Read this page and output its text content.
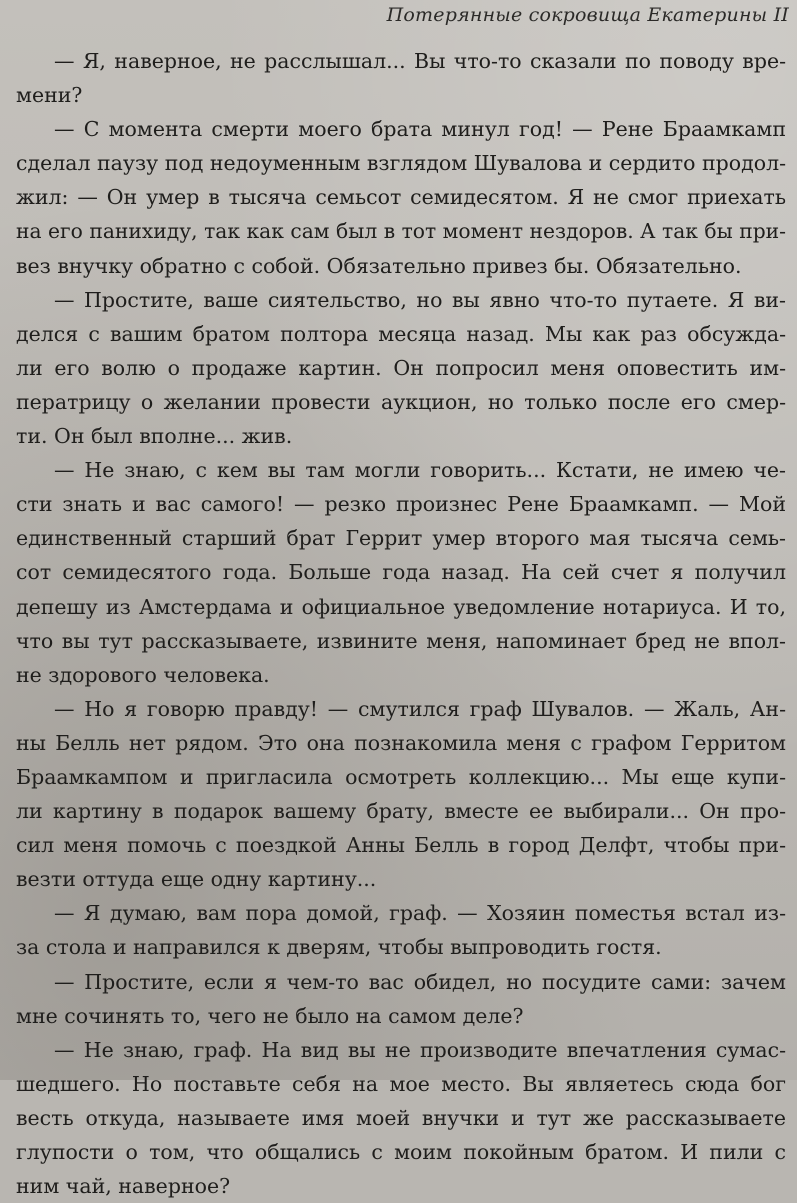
Потерянные сокровища Екатерины II
— Я, наверное, не расслышал... Вы что-то сказали по поводу вре-
мени?
— С момента смерти моего брата минул год! — Рене Браамкамп
сделал паузу под недоуменным взглядом Шувалова и сердито продол-
жил: — Он умер в тысяча семьсот семидесятом. Я не смог приехать
на его панихиду, так как сам был в тот момент нездоров. А так бы при-
вез внучку обратно с собой. Обязательно привез бы. Обязательно.
— Простите, ваше сиятельство, но вы явно что-то путаете. Я ви-
делся с вашим братом полтора месяца назад. Мы как раз обсужда-
ли его волю о продаже картин. Он попросил меня оповестить им-
ператрицу о желании провести аукцион, но только после его смер-
ти. Он был вполне... жив.
— Не знаю, с кем вы там могли говорить... Кстати, не имею че-
сти знать и вас самого! — резко произнес Рене Браамкамп. — Мой
единственный старший брат Геррит умер второго мая тысяча семь-
сот семидесятого года. Больше года назад. На сей счет я получил
депешу из Амстердама и официальное уведомление нотариуса. И то,
что вы тут рассказываете, извините меня, напоминает бред не впол-
не здорового человека.
— Но я говорю правду! — смутился граф Шувалов. — Жаль, Ан-
ны Белль нет рядом. Это она познакомила меня с графом Герритом
Браамкампом и пригласила осмотреть коллекцию... Мы еще купи-
ли картину в подарок вашему брату, вместе ее выбирали... Он про-
сил меня помочь с поездкой Анны Белль в город Делфт, чтобы при-
везти оттуда еще одну картину...
— Я думаю, вам пора домой, граф. — Хозяин поместья встал из-
за стола и направился к дверям, чтобы выпроводить гостя.
— Простите, если я чем-то вас обидел, но посудите сами: зачем
мне сочинять то, чего не было на самом деле?
— Не знаю, граф. На вид вы не производите впечатления сумас-
шедшего. Но поставьте себя на мое место. Вы являетесь сюда бог
весть откуда, называете имя моей внучки и тут же рассказываете
глупости о том, что общались с моим покойным братом. И пили с
ним чай, наверное?
